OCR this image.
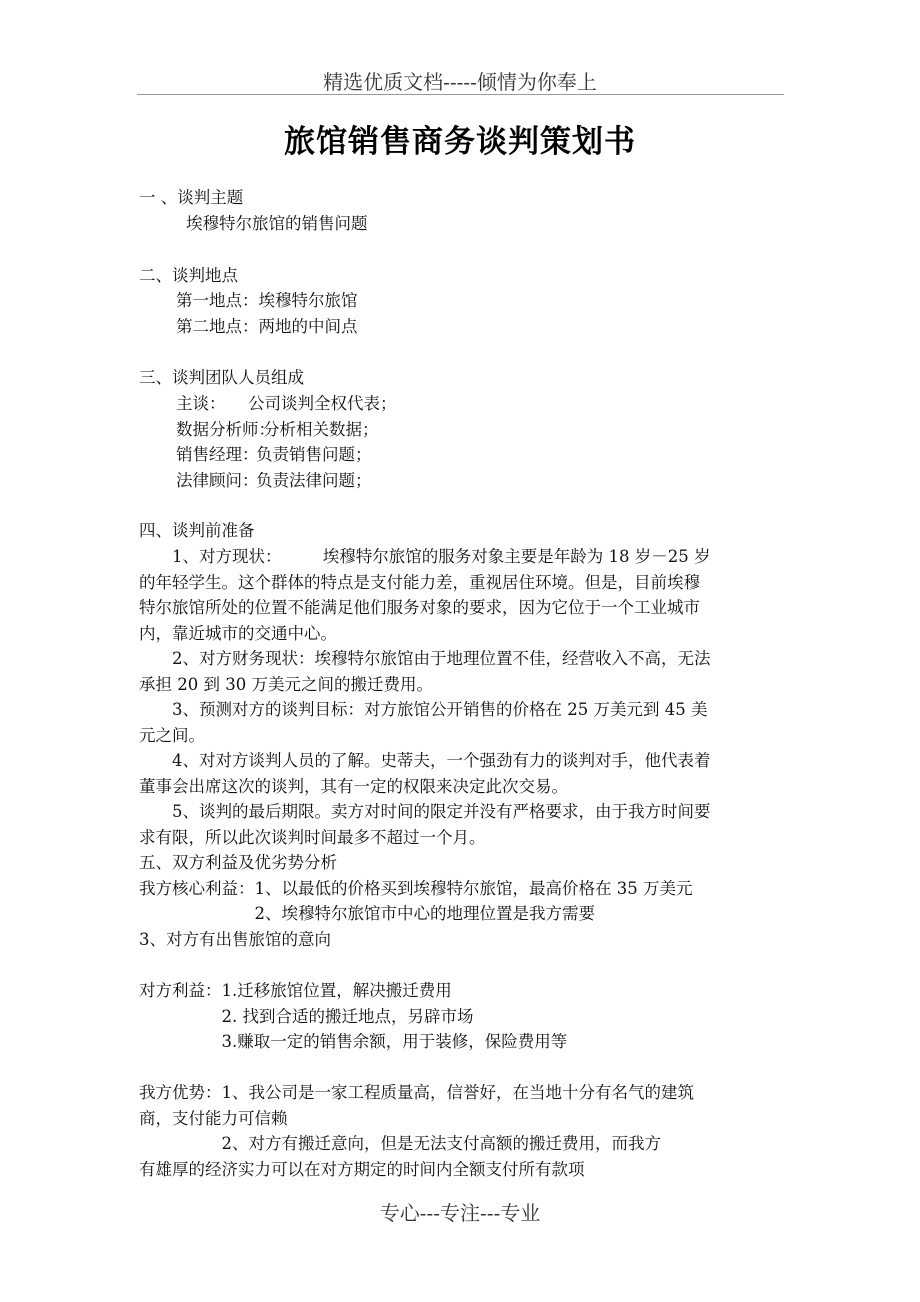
精选优质文档-----倾情为你奉上
旅馆销售商务谈判策划书
一 、谈判主题
埃穆特尔旅馆的销售问题
二、谈判地点
第一地点：埃穆特尔旅馆
第二地点：两地的中间点
三、谈判团队人员组成
主谈： 公司谈判全权代表；
数据分析师：
分析相关数据；
销售经理：
负责销售问题；
法律顾问：
负责法律问题；
四、谈判前准备
　　1、对方现状：　　　埃穆特尔旅馆的服务对象主要是年龄为 18 岁－25 岁
的年轻学生。这个群体的特点是支付能力差，重视居住环境。但是，目前埃穆
特尔旅馆所处的位置不能满足他们服务对象的要求，因为它位于一个工业城市
内，靠近城市的交通中心。
　　2、对方财务现状：埃穆特尔旅馆由于地理位置不佳，经营收入不高，无法
承担 20 到 30 万美元之间的搬迁费用。
　　3、预测对方的谈判目标：对方旅馆公开销售的价格在 25 万美元到 45 美
元之间。
　　4、对对方谈判人员的了解。史蒂夫，一个强劲有力的谈判对手，他代表着
董事会出席这次的谈判，其有一定的权限来决定此次交易。
　　5、谈判的最后期限。卖方对时间的限定并没有严格要求，由于我方时间要
求有限，所以此次谈判时间最多不超过一个月。
五、双方利益及优劣势分析
我方核心利益：1、以最低的价格买到埃穆特尔旅馆，最高价格在 35 万美元
　　　　　　　2、埃穆特尔旅馆市中心的地理位置是我方需要
3、对方有出售旅馆的意向
对方利益：1.迁移旅馆位置，解决搬迁费用
　　　　　2. 找到合适的搬迁地点，另辟市场
　　　　　3.赚取一定的销售余额，用于装修，保险费用等
我方优势：1、我公司是一家工程质量高，信誉好，在当地十分有名气的建筑
商，支付能力可信赖
　　　　　2、对方有搬迁意向，但是无法支付高额的搬迁费用，而我方
有雄厚的经济实力可以在对方期定的时间内全额支付所有款项
专心---专注---专业
